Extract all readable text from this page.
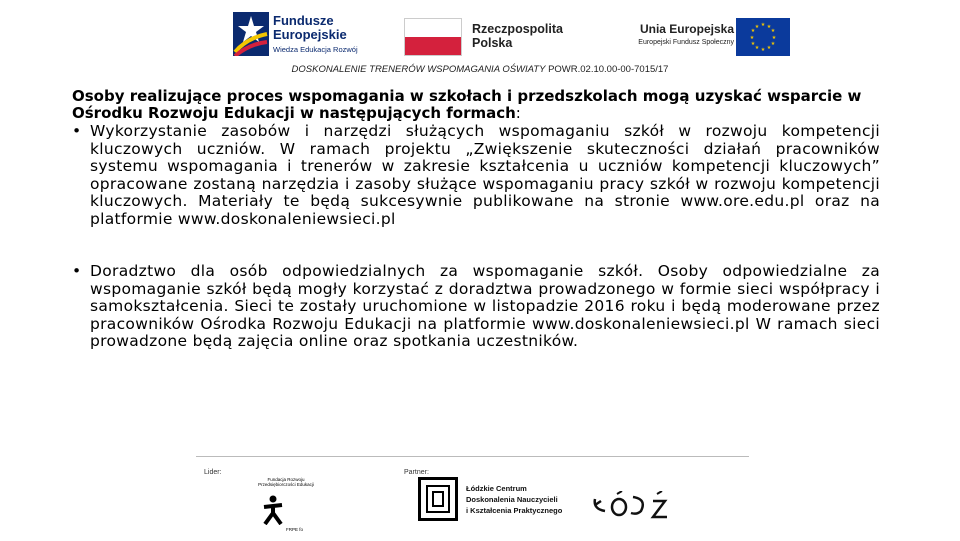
Fundusze
Europejskie
Wiedza Edukacja Rozwój
Rzeczpospolita
Polska
Unia Europejska
Europejski Fundusz Społeczny
★ ★
★
★
★
★
★
★
★
★
★
★
DOSKONALENIE TRENERÓW WSPOMAGANIA OŚWIATY POWR.02.10.00-00-7015/17

Osoby realizujące proces wspomagania w szkołach i przedszkolach mogą uzyskać wsparcie w Ośrodku Rozwoju Edukacji w następujących formach:

• Wykorzystanie zasobów i narzędzi służących wspomaganiu szkół w rozwoju kompetencji kluczowych uczniów. W ramach projektu „Zwiększenie skuteczności działań pracowników systemu wspomagania i trenerów w zakresie kształcenia u uczniów kompetencji kluczowych” opracowane zostaną narzędzia i zasoby służące wspomaganiu pracy szkół w rozwoju kompetencji kluczowych. Materiały te będą sukcesywnie publikowane na stronie www.ore.edu.pl oraz na platformie www.doskonaleniewsieci.pl
• Doradztwo dla osób odpowiedzialnych za wspomaganie szkół. Osoby odpowiedzialne za wspomaganie szkół będą mogły korzystać z doradztwa prowadzonego w formie sieci współpracy i samokształcenia. Sieci te zostały uruchomione w listopadzie 2016 roku i będą moderowane przez pracowników Ośrodka Rozwoju Edukacji na platformie www.doskonaleniewsieci.pl W ramach sieci prowadzone będą zajęcia online oraz spotkania uczestników.
Lider:	Partner:
Fundacja Rozwoju Przedsiębiorczości Edukacji
FRPE fo
Łódzkie Centrum
Doskonalenia Nauczycieli
i Kształcenia Praktycznego
